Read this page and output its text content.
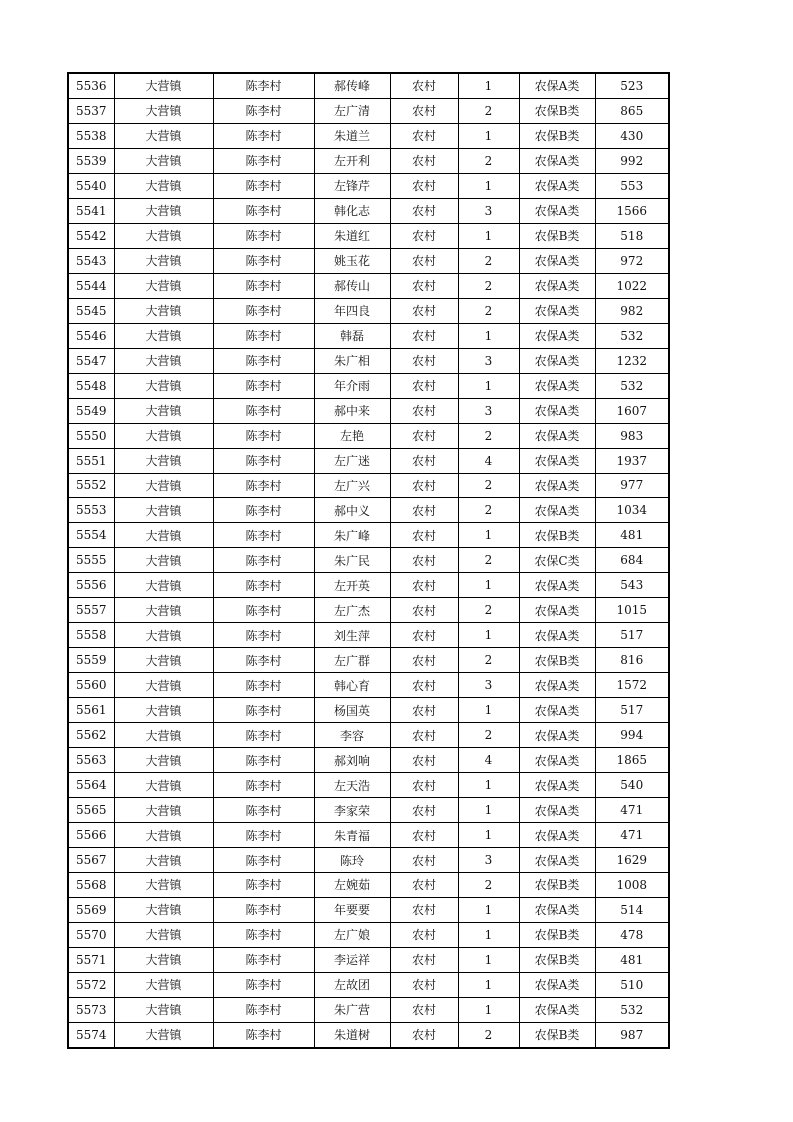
5536	大营镇	陈李村	郝传峰	农村	1	农保A类	523
5537	大营镇	陈李村	左广清	农村	2	农保B类	865
5538	大营镇	陈李村	朱道兰	农村	1	农保B类	430
5539	大营镇	陈李村	左开利	农村	2	农保A类	992
5540	大营镇	陈李村	左锋芹	农村	1	农保A类	553
5541	大营镇	陈李村	韩化志	农村	3	农保A类	1566
5542	大营镇	陈李村	朱道红	农村	1	农保B类	518
5543	大营镇	陈李村	姚玉花	农村	2	农保A类	972
5544	大营镇	陈李村	郝传山	农村	2	农保A类	1022
5545	大营镇	陈李村	年四良	农村	2	农保A类	982
5546	大营镇	陈李村	韩磊	农村	1	农保A类	532
5547	大营镇	陈李村	朱广相	农村	3	农保A类	1232
5548	大营镇	陈李村	年介雨	农村	1	农保A类	532
5549	大营镇	陈李村	郝中来	农村	3	农保A类	1607
5550	大营镇	陈李村	左艳	农村	2	农保A类	983
5551	大营镇	陈李村	左广迷	农村	4	农保A类	1937
5552	大营镇	陈李村	左广兴	农村	2	农保A类	977
5553	大营镇	陈李村	郝中义	农村	2	农保A类	1034
5554	大营镇	陈李村	朱广峰	农村	1	农保B类	481
5555	大营镇	陈李村	朱广民	农村	2	农保C类	684
5556	大营镇	陈李村	左开英	农村	1	农保A类	543
5557	大营镇	陈李村	左广杰	农村	2	农保A类	1015
5558	大营镇	陈李村	刘生萍	农村	1	农保A类	517
5559	大营镇	陈李村	左广群	农村	2	农保B类	816
5560	大营镇	陈李村	韩心育	农村	3	农保A类	1572
5561	大营镇	陈李村	杨国英	农村	1	农保A类	517
5562	大营镇	陈李村	李容	农村	2	农保A类	994
5563	大营镇	陈李村	郝刘响	农村	4	农保A类	1865
5564	大营镇	陈李村	左天浩	农村	1	农保A类	540
5565	大营镇	陈李村	李家荣	农村	1	农保A类	471
5566	大营镇	陈李村	朱青福	农村	1	农保A类	471
5567	大营镇	陈李村	陈玲	农村	3	农保A类	1629
5568	大营镇	陈李村	左婉茹	农村	2	农保B类	1008
5569	大营镇	陈李村	年要要	农村	1	农保A类	514
5570	大营镇	陈李村	左广娘	农村	1	农保B类	478
5571	大营镇	陈李村	李运祥	农村	1	农保B类	481
5572	大营镇	陈李村	左故团	农村	1	农保A类	510
5573	大营镇	陈李村	朱广营	农村	1	农保A类	532
5574	大营镇	陈李村	朱道树	农村	2	农保B类	987
